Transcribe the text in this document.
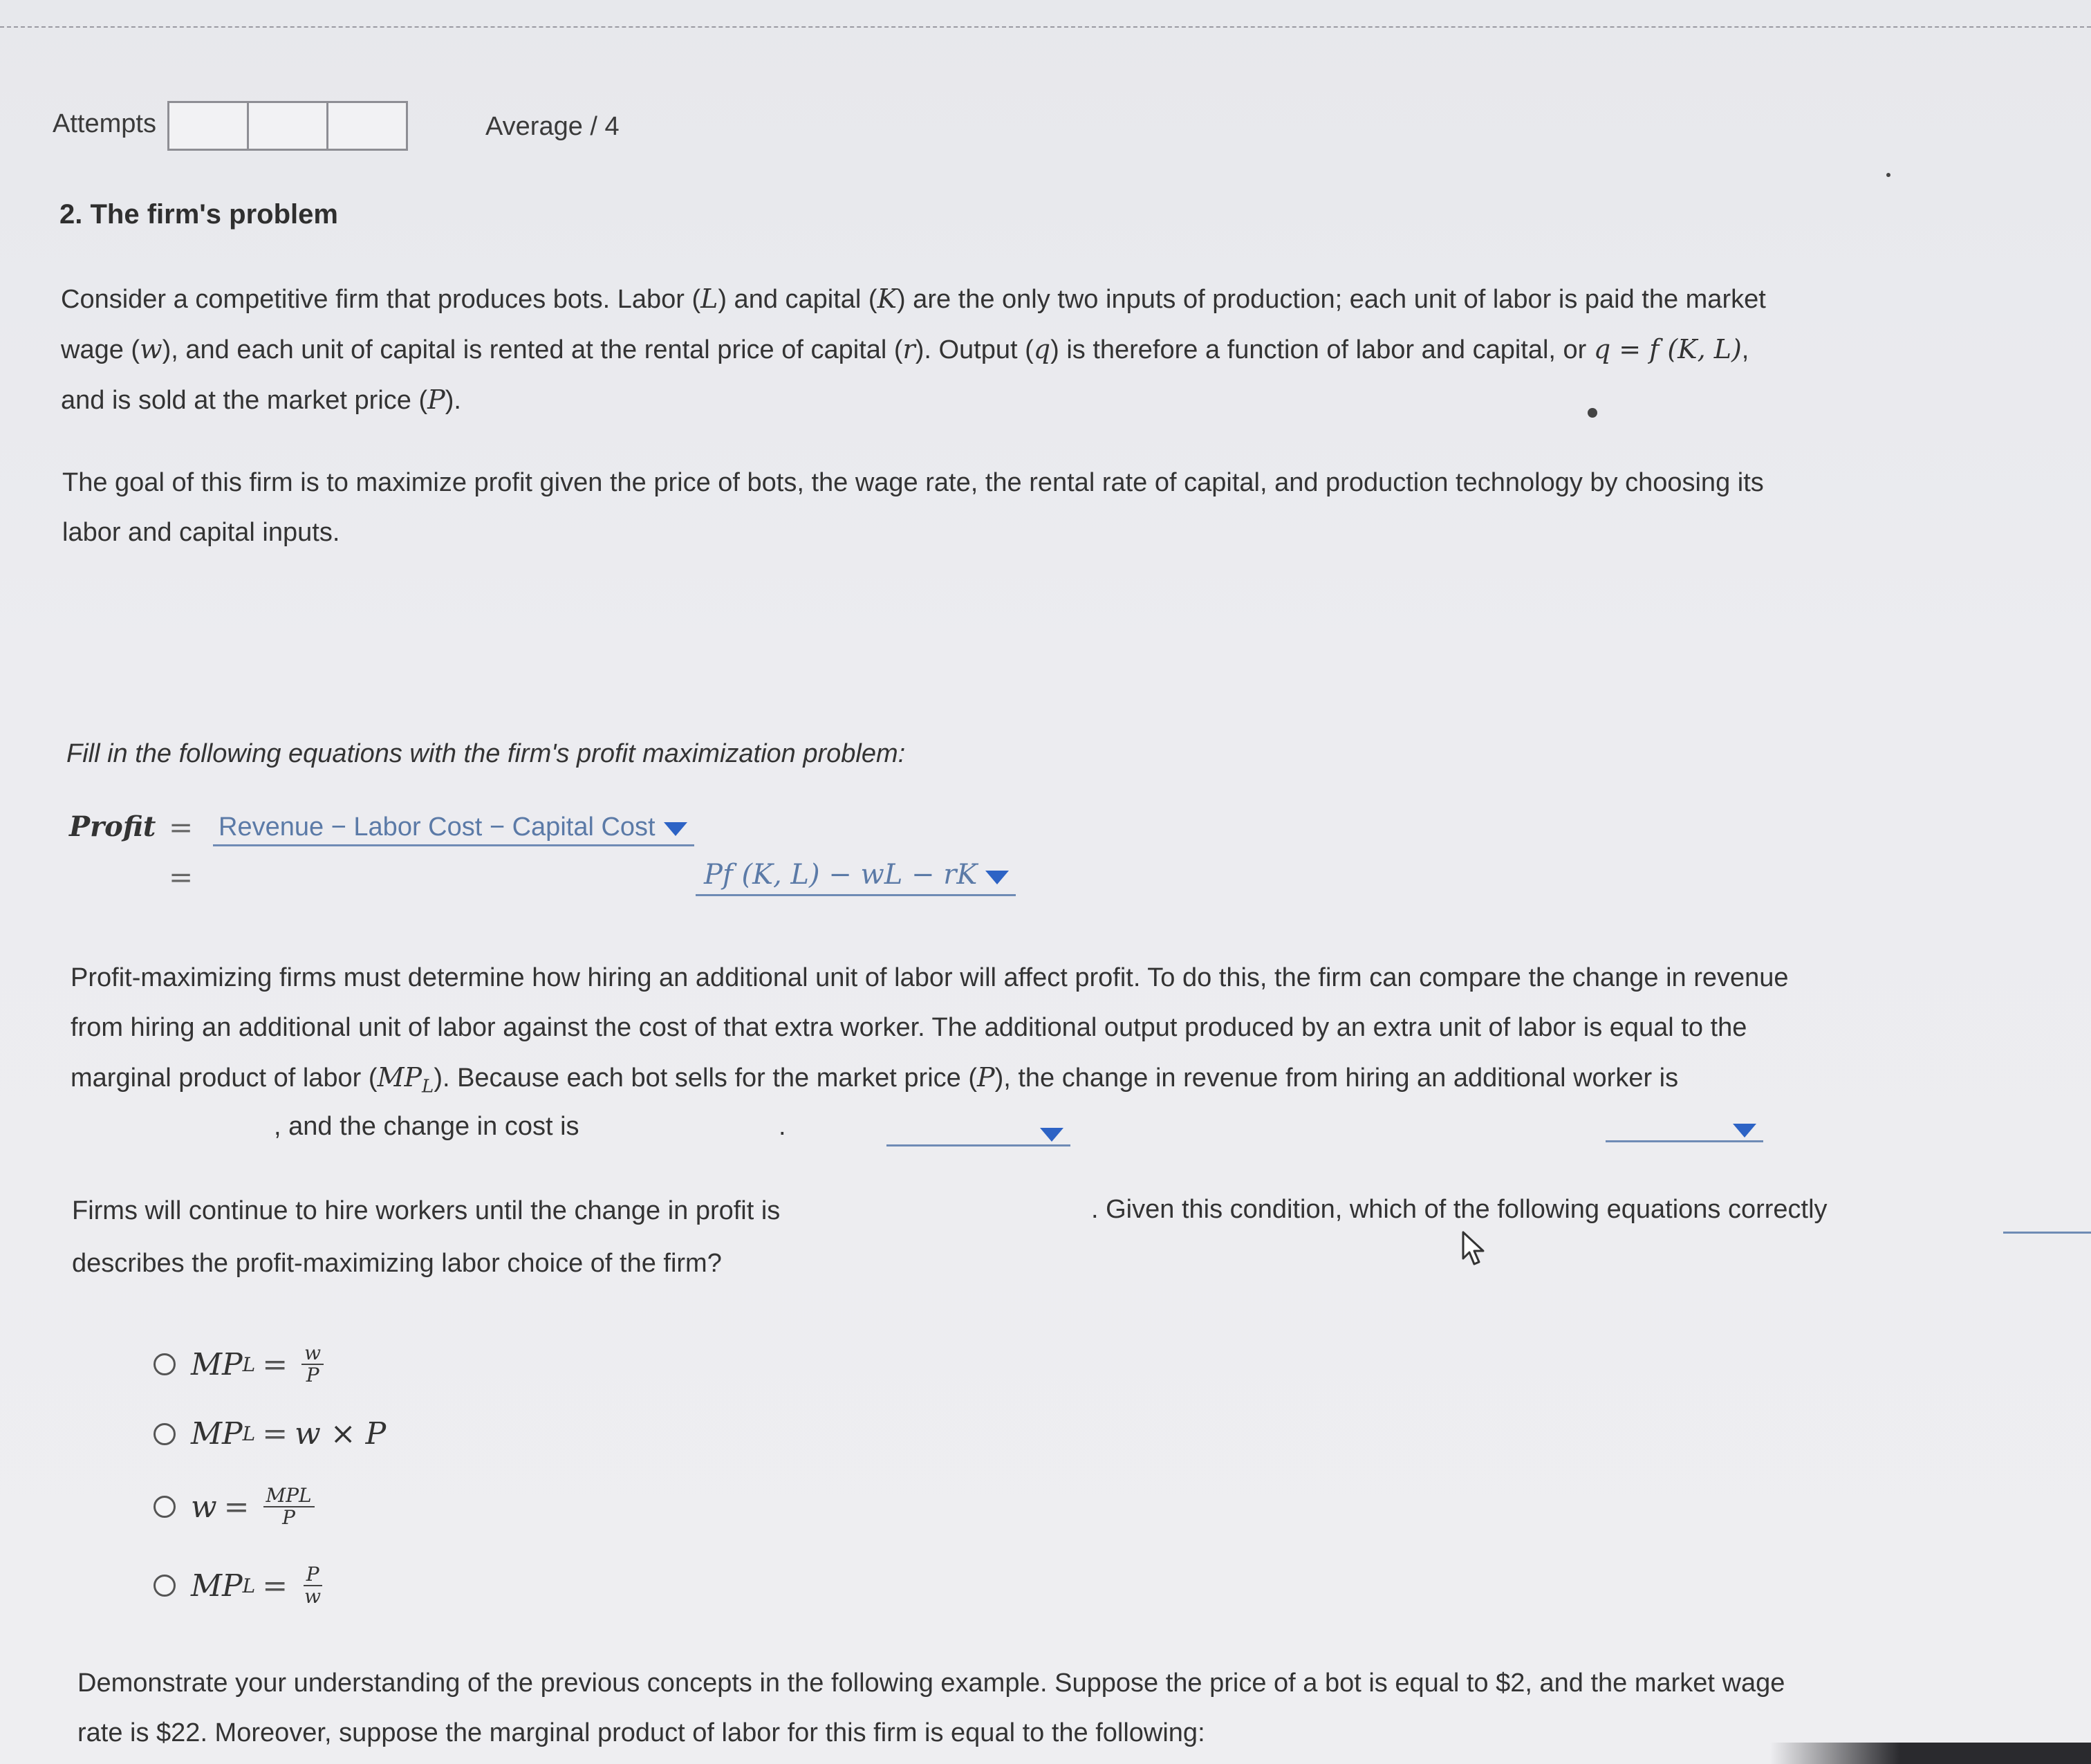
Attempts	Average / 4
2. The firm's problem
Consider a competitive firm that produces bots. Labor (L) and capital (K) are the only two inputs of production; each unit of labor is paid the market
wage (w), and each unit of capital is rented at the rental price of capital (r). Output (q) is therefore a function of labor and capital, or q = f (K, L),
and is sold at the market price (P).
The goal of this firm is to maximize profit given the price of bots, the wage rate, the rental rate of capital, and production technology by choosing its
labor and capital inputs.
Fill in the following equations with the firm's profit maximization problem:
Profit =
=
Revenue − Labor Cost − Capital Cost
Pf (K, L) − wL − rK

Profit-maximizing firms must determine how hiring an additional unit of labor will affect profit. To do this, the firm can compare the change in revenue
from hiring an additional unit of labor against the cost of that extra worker. The additional output produced by an extra unit of labor is equal to the
marginal product of labor $(MP_L)$. Because each bot sells for the market price (P), the change in revenue from hiring an additional worker is

, and the change in cost is
	.
Firms will continue to hire workers until the change in profit is	. Given this condition, which of the following equations correctly
describes the profit-maximizing labor choice of the firm?
MP $L = \frac{w}{P}$
MP L = w × P
$w = \frac{\text{MPL}}{P}$
MP $L = \frac{P}{w}$
Demonstrate your understanding of the previous concepts in the following example. Suppose the price of a bot is equal to $2, and the market wage
rate is $22. Moreover, suppose the marginal product of labor for this firm is equal to the following:
